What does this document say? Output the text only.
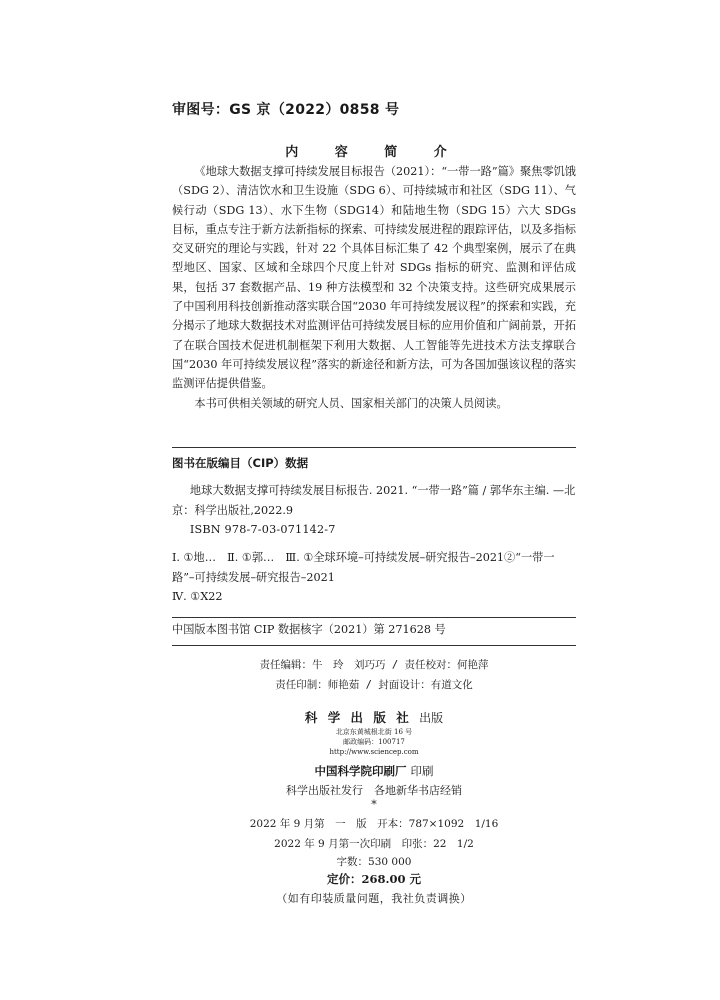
审图号：GS 京（2022）0858 号
内 容 简 介

《地球大数据支撑可持续发展目标报告（2021）：“一带一路”篇》聚焦零饥饿（SDG 2）、清洁饮水和卫生设施（SDG 6）、可持续城市和社区（SDG 11）、气候行动（SDG 13）、水下生物（SDG14）和陆地生物（SDG 15）六大 SDGs 目标，重点专注于新方法新指标的探索、可持续发展进程的跟踪评估，以及多指标交叉研究的理论与实践，针对 22 个具体目标汇集了 42 个典型案例，展示了在典型地区、国家、区域和全球四个尺度上针对 SDGs 指标的研究、监测和评估成果，包括 37 套数据产品、19 种方法模型和 32 个决策支持。这些研究成果展示了中国利用科技创新推动落实联合国“2030 年可持续发展议程”的探索和实践，充分揭示了地球大数据技术对监测评估可持续发展目标的应用价值和广阔前景，开拓了在联合国技术促进机制框架下利用大数据、人工智能等先进技术方法支撑联合国“2030 年可持续发展议程”落实的新途径和新方法，可为各国加强该议程的落实监测评估提供借鉴。

本书可供相关领域的研究人员、国家相关部门的决策人员阅读。

图书在版编目（CIP）数据
地球大数据支撑可持续发展目标报告. 2021. “一带一路”篇 / 郭华东主编. —北京：科学出版社,2022.9
ISBN 978-7-03-071142-7
Ⅰ. ①地…　Ⅱ. ①郭…　Ⅲ. ①全球环境–可持续发展–研究报告–2021②“一带一路”–可持续发展–研究报告–2021
Ⅳ. ①X22
中国版本图书馆 CIP 数据核字（2021）第 271628 号
责任编辑：牛　玲　刘巧巧 / 责任校对：何艳萍
责任印制：师艳茹 / 封面设计：有道文化
科 学 出 版 社 出版
北京东黄城根北街 16 号
邮政编码：100717
http://www.sciencep.com
中国科学院印刷厂 印刷
科学出版社发行　各地新华书店经销
*
2022 年 9 月第　一　版　开本：787×1092　1/16
2022 年 9 月第一次印刷　印张：22　1/2
字数：530 000
定价：268.00 元
（如有印装质量问题，我社负责调换）
